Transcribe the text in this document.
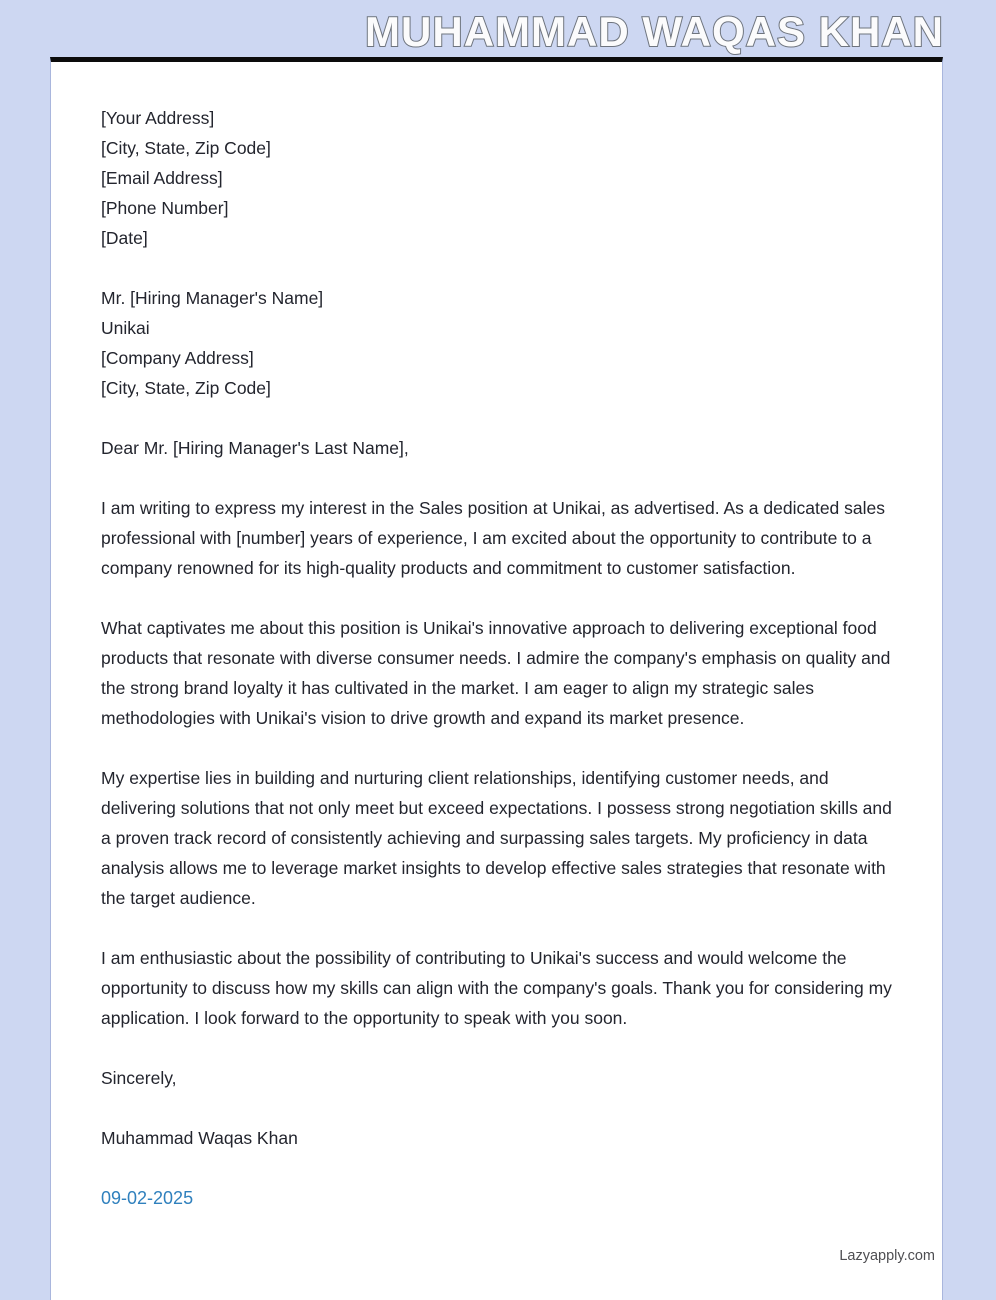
MUHAMMAD WAQAS KHAN
[Your Address]
[City, State, Zip Code]
[Email Address]
[Phone Number]
[Date]
Mr. [Hiring Manager's Name]
Unikai
[Company Address]
[City, State, Zip Code]

Dear Mr. [Hiring Manager's Last Name],

I am writing to express my interest in the Sales position at Unikai, as advertised. As a dedicated sales professional with [number] years of experience, I am excited about the opportunity to contribute to a company renowned for its high-quality products and commitment to customer satisfaction.

What captivates me about this position is Unikai's innovative approach to delivering exceptional food products that resonate with diverse consumer needs. I admire the company's emphasis on quality and the strong brand loyalty it has cultivated in the market. I am eager to align my strategic sales methodologies with Unikai's vision to drive growth and expand its market presence.

My expertise lies in building and nurturing client relationships, identifying customer needs, and delivering solutions that not only meet but exceed expectations. I possess strong negotiation skills and a proven track record of consistently achieving and surpassing sales targets. My proficiency in data analysis allows me to leverage market insights to develop effective sales strategies that resonate with the target audience.

I am enthusiastic about the possibility of contributing to Unikai's success and would welcome the opportunity to discuss how my skills can align with the company's goals. Thank you for considering my application. I look forward to the opportunity to speak with you soon.

Sincerely,

Muhammad Waqas Khan

09-02-2025

Lazyapply.com
